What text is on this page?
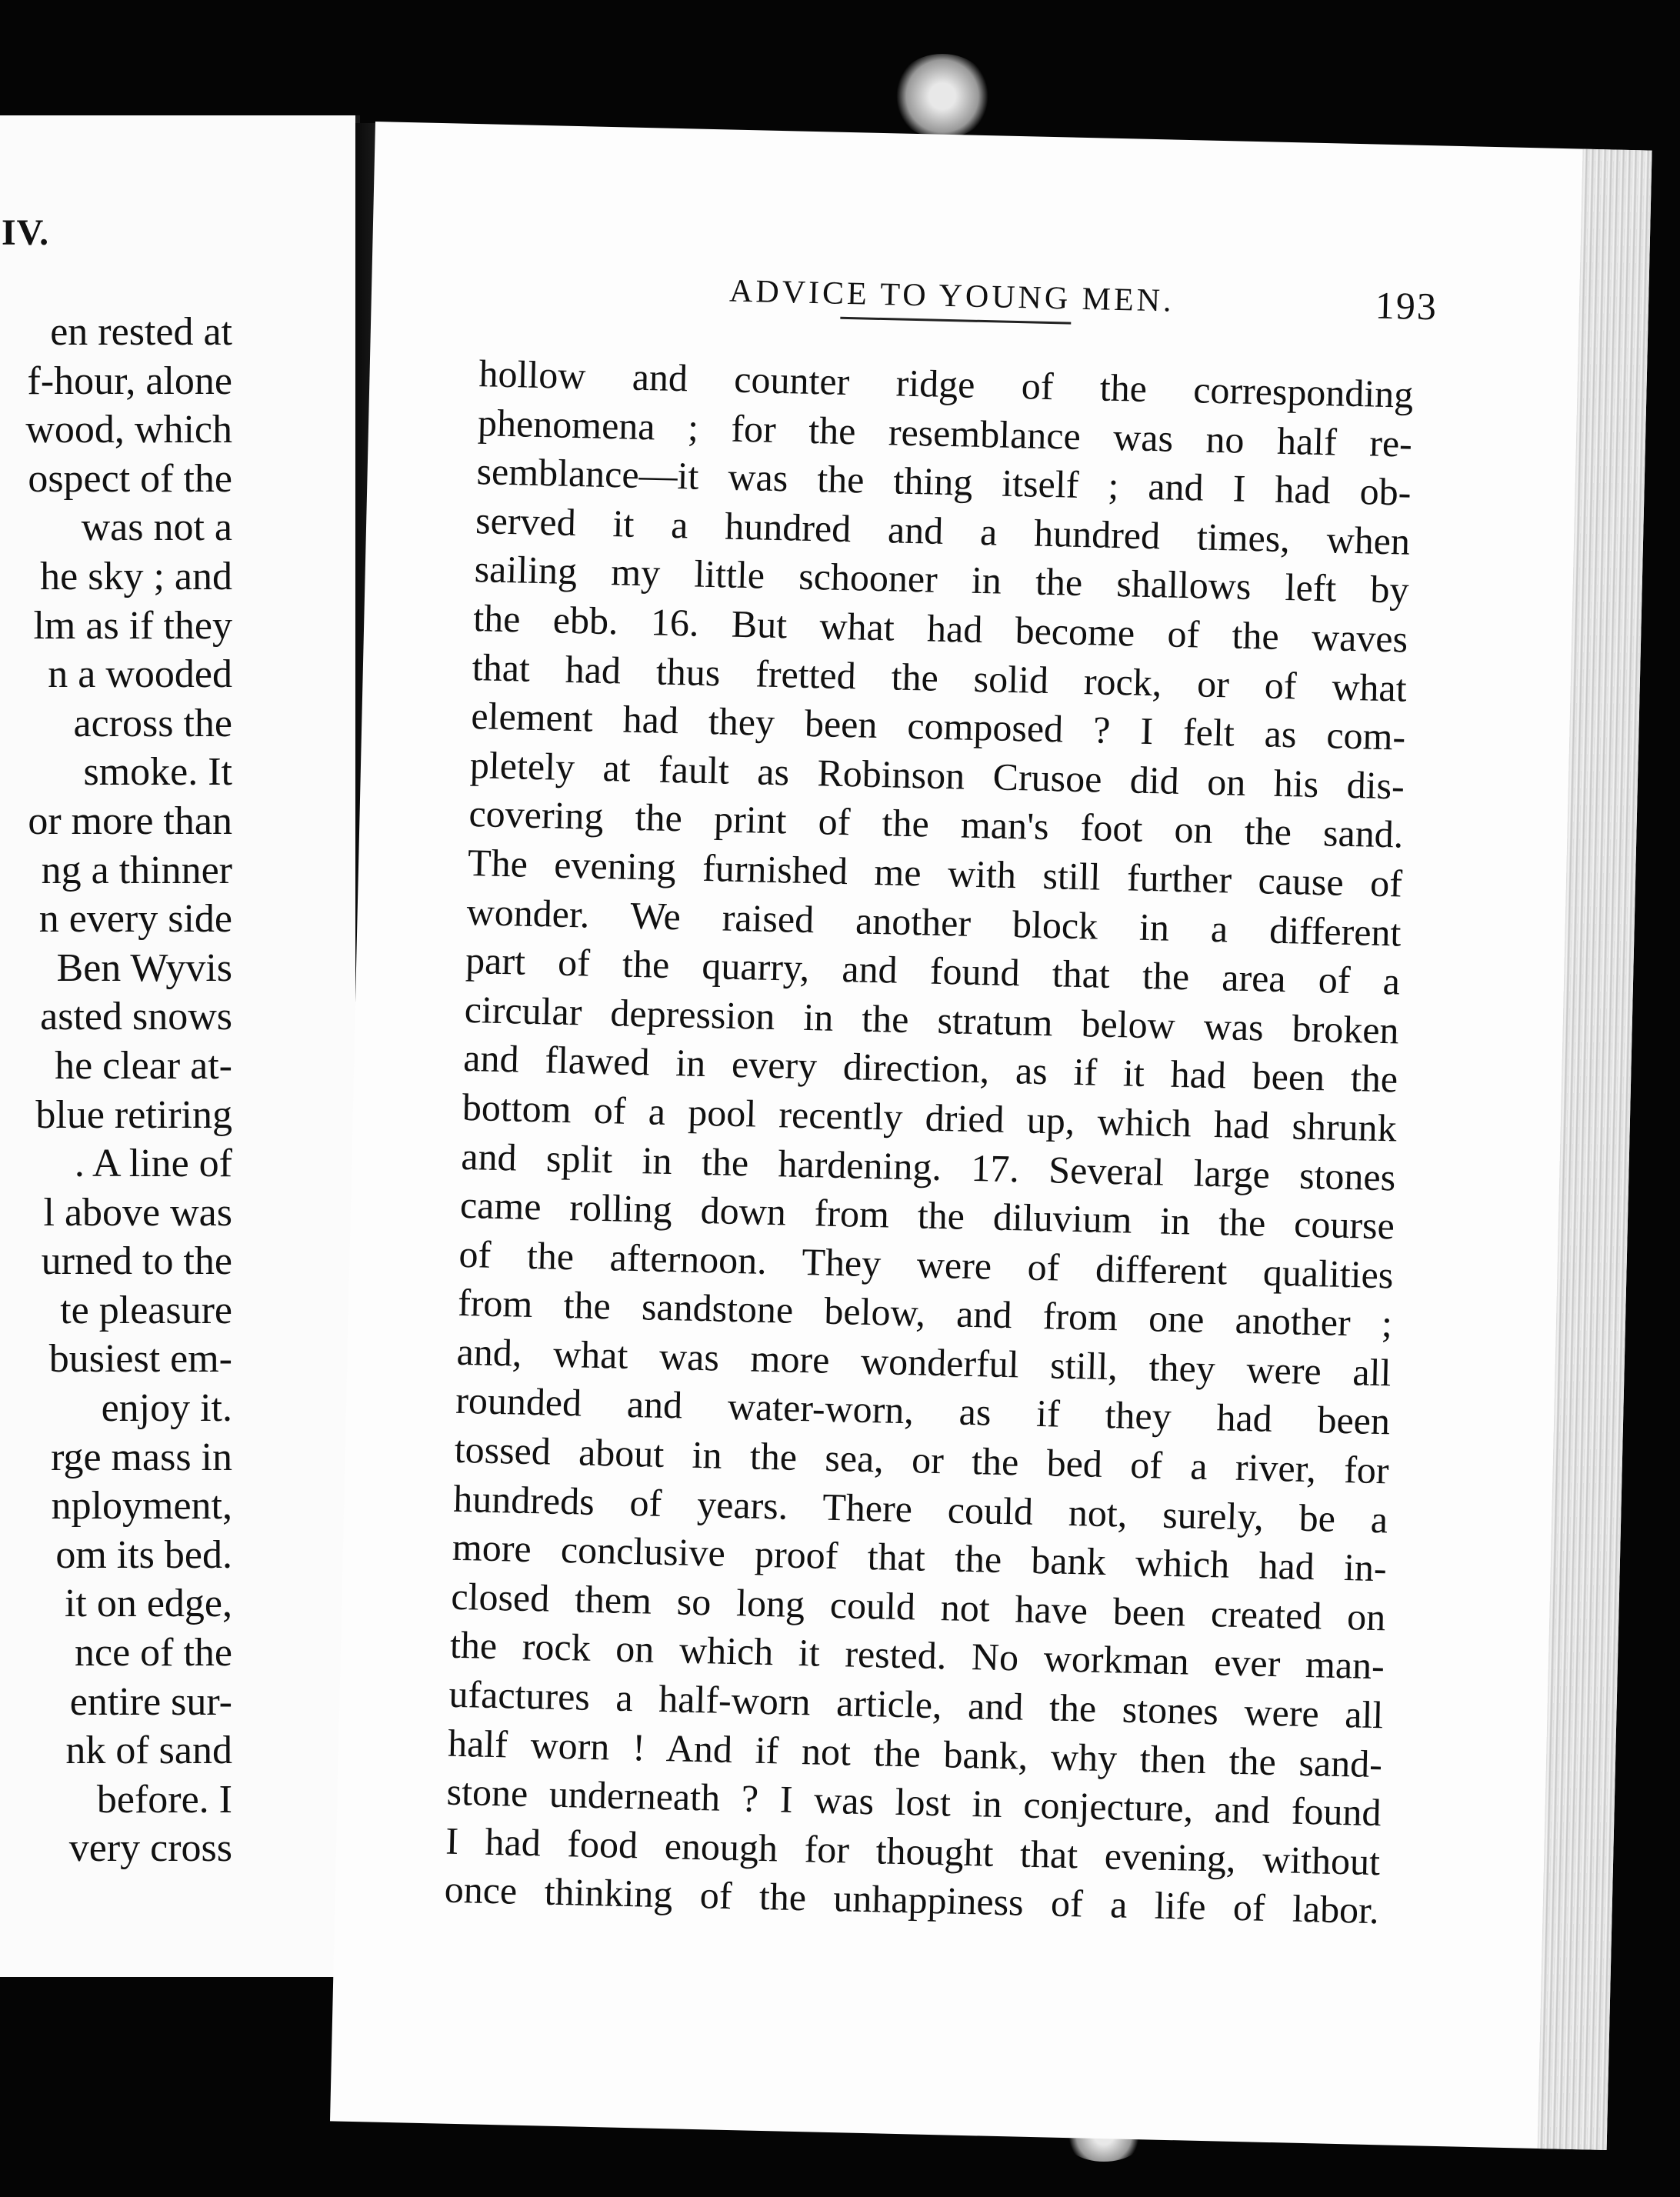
IV.
en rested at
f-hour, alone
wood, which
ospect of the
was not a
he sky ; and
lm as if they
n a wooded
across the
smoke. It
or more than
ng a thinner
n every side
Ben Wyvis
asted snows
he clear at-
blue retiring
. A line of
l above was
urned to the
te pleasure
busiest em-
enjoy it.
rge mass in
nployment,
om its bed.
it on edge,
nce of the
entire sur-
nk of sand
before. I
very cross
ADVICE TO YOUNG MEN.	193
hollow and counter ridge of the corresponding
phenomena ; for the resemblance was no half re-
semblance—it was the thing itself ; and I had ob-
served it a hundred and a hundred times, when
sailing my little schooner in the shallows left by
the ebb. 16. But what had become of the waves
that had thus fretted the solid rock, or of what
element had they been composed ? I felt as com-
pletely at fault as Robinson Crusoe did on his dis-
covering the print of the man's foot on the sand.
The evening furnished me with still further cause of
wonder. We raised another block in a different
part of the quarry, and found that the area of a
circular depression in the stratum below was broken
and flawed in every direction, as if it had been the
bottom of a pool recently dried up, which had shrunk
and split in the hardening. 17. Several large stones
came rolling down from the diluvium in the course
of the afternoon. They were of different qualities
from the sandstone below, and from one another ;
and, what was more wonderful still, they were all
rounded and water-worn, as if they had been
tossed about in the sea, or the bed of a river, for
hundreds of years. There could not, surely, be a
more conclusive proof that the bank which had in-
closed them so long could not have been created on
the rock on which it rested. No workman ever man-
ufactures a half-worn article, and the stones were all
half worn ! And if not the bank, why then the sand-
stone underneath ? I was lost in conjecture, and found
I had food enough for thought that evening, without
once thinking of the unhappiness of a life of labor.
